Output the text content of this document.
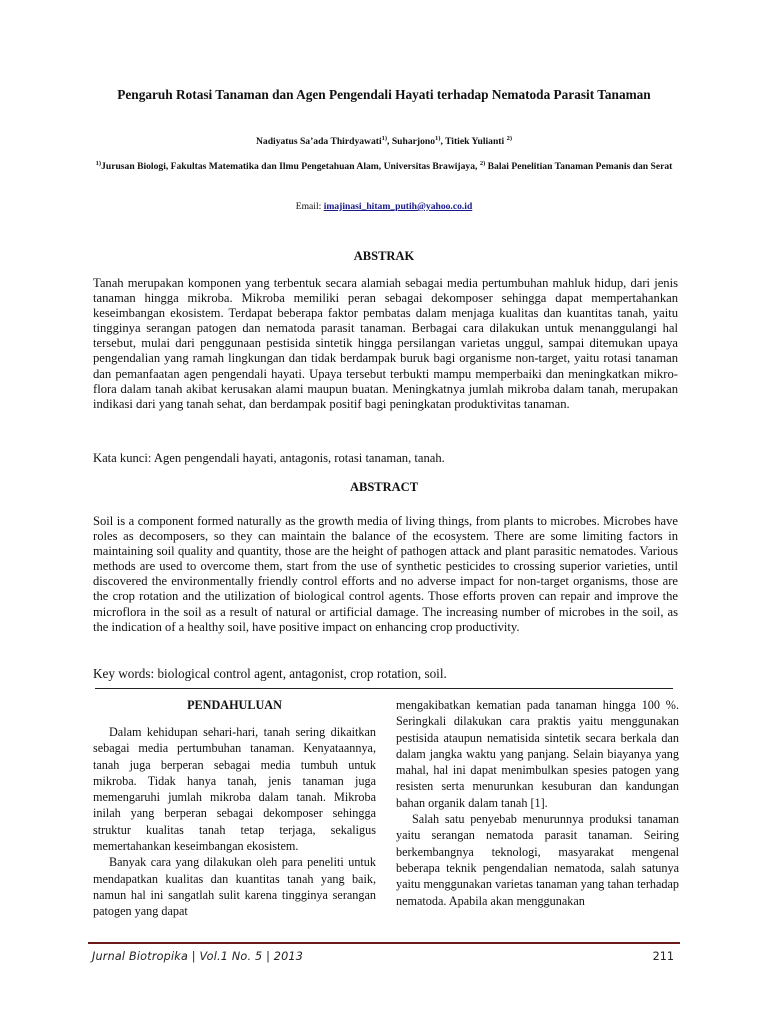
Pengaruh Rotasi Tanaman dan Agen Pengendali Hayati terhadap Nematoda Parasit Tanaman
Nadiyatus Sa’ada Thirdyawati$^{1)}$, Suharjono$^{1)}$, Titiek Yulianti $^{2)}$
$^{1)}$Jurusan Biologi, Fakultas Matematika dan Ilmu Pengetahuan Alam, Universitas Brawijaya, $^{2)}$ Balai Penelitian Tanaman Pemanis dan Serat
Email: imajinasi_hitam_putih@yahoo.co.id
ABSTRAK
Tanah merupakan komponen yang terbentuk secara alamiah sebagai media pertumbuhan mahluk hidup, dari jenis tanaman hingga mikroba. Mikroba memiliki peran sebagai dekomposer sehingga dapat mempertahankan keseimbangan ekosistem. Terdapat beberapa faktor pembatas dalam menjaga kualitas dan kuantitas tanah, yaitu tingginya serangan patogen dan nematoda parasit tanaman. Berbagai cara dilakukan untuk menanggulangi hal tersebut, mulai dari penggunaan pestisida sintetik hingga persilangan varietas unggul, sampai ditemukan upaya pengendalian yang ramah lingkungan dan tidak berdampak buruk bagi organisme non-target, yaitu rotasi tanaman dan pemanfaatan agen pengendali hayati. Upaya tersebut terbukti mampu memperbaiki dan meningkatkan mikro-flora dalam tanah akibat kerusakan alami maupun buatan. Meningkatnya jumlah mikroba dalam tanah, merupakan indikasi dari yang tanah sehat, dan berdampak positif bagi peningkatan produktivitas tanaman.
Kata kunci: Agen pengendali hayati, antagonis, rotasi tanaman, tanah.
ABSTRACT
Soil is a component formed naturally as the growth media of living things, from plants to microbes. Microbes have roles as decomposers, so they can maintain the balance of the ecosystem. There are some limiting factors in maintaining soil quality and quantity, those are the height of pathogen attack and plant parasitic nematodes. Various methods are used to overcome them, start from the use of synthetic pesticides to crossing superior varieties, until discovered the environmentally friendly control efforts and no adverse impact for non-target organisms, those are the crop rotation and the utilization of biological control agents. Those efforts proven can repair and improve the microflora in the soil as a result of natural or artificial damage. The increasing number of microbes in the soil, as the indication of a healthy soil, have positive impact on enhancing crop productivity.
Key words: biological control agent, antagonist, crop rotation, soil.
PENDAHULUAN

Dalam kehidupan sehari-hari, tanah sering dikaitkan sebagai media pertumbuhan tanaman. Kenyataannya, tanah juga berperan sebagai media tumbuh untuk mikroba. Tidak hanya tanah, jenis tanaman juga memengaruhi jumlah mikroba dalam tanah. Mikroba inilah yang berperan sebagai dekomposer sehingga struktur kualitas tanah tetap terjaga, sekaligus memertahankan keseimbangan ekosistem.

Banyak cara yang dilakukan oleh para peneliti untuk mendapatkan kualitas dan kuantitas tanah yang baik, namun hal ini sangatlah sulit karena tingginya serangan patogen yang dapat

mengakibatkan kematian pada tanaman hingga 100 %. Seringkali dilakukan cara praktis yaitu menggunakan pestisida ataupun nematisida sintetik secara berkala dan dalam jangka waktu yang panjang. Selain biayanya yang mahal, hal ini dapat menimbulkan spesies patogen yang resisten serta menurunkan kesuburan dan kandungan bahan organik dalam tanah [1].

Salah satu penyebab menurunnya produksi tanaman yaitu serangan nematoda parasit tanaman. Seiring berkembangnya teknologi, masyarakat mengenal beberapa teknik pengendalian nematoda, salah satunya yaitu menggunakan varietas tanaman yang tahan terhadap nematoda. Apabila akan menggunakan

Jurnal Biotropika | Vol.1 No. 5 | 2013	211
